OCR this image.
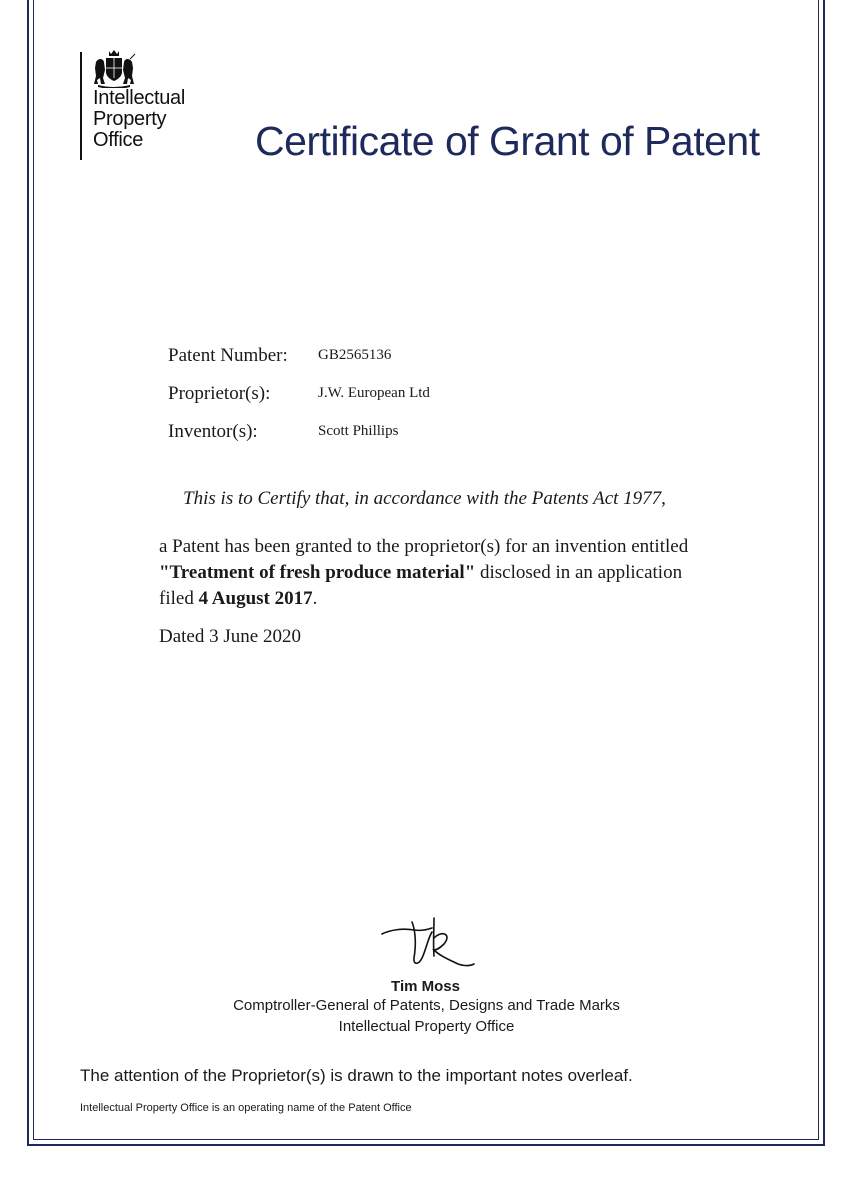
Intellectual
Property
Office	Certificate of Grant of Patent
Patent Number: GB2565136
Proprietor(s):	J.W. European Ltd
Inventor(s):	Scott Phillips
This is to Certify that, in accordance with the Patents Act 1977,
a Patent has been granted to the proprietor(s) for an invention entitled
"Treatment of fresh produce material" disclosed in an application
filed 4 August 2017.
Dated 3 June 2020
Tim Moss
Comptroller-General of Patents, Designs and Trade Marks
Intellectual Property Office
The attention of the Proprietor(s) is drawn to the important notes overleaf.
Intellectual Property Office is an operating name of the Patent Office
